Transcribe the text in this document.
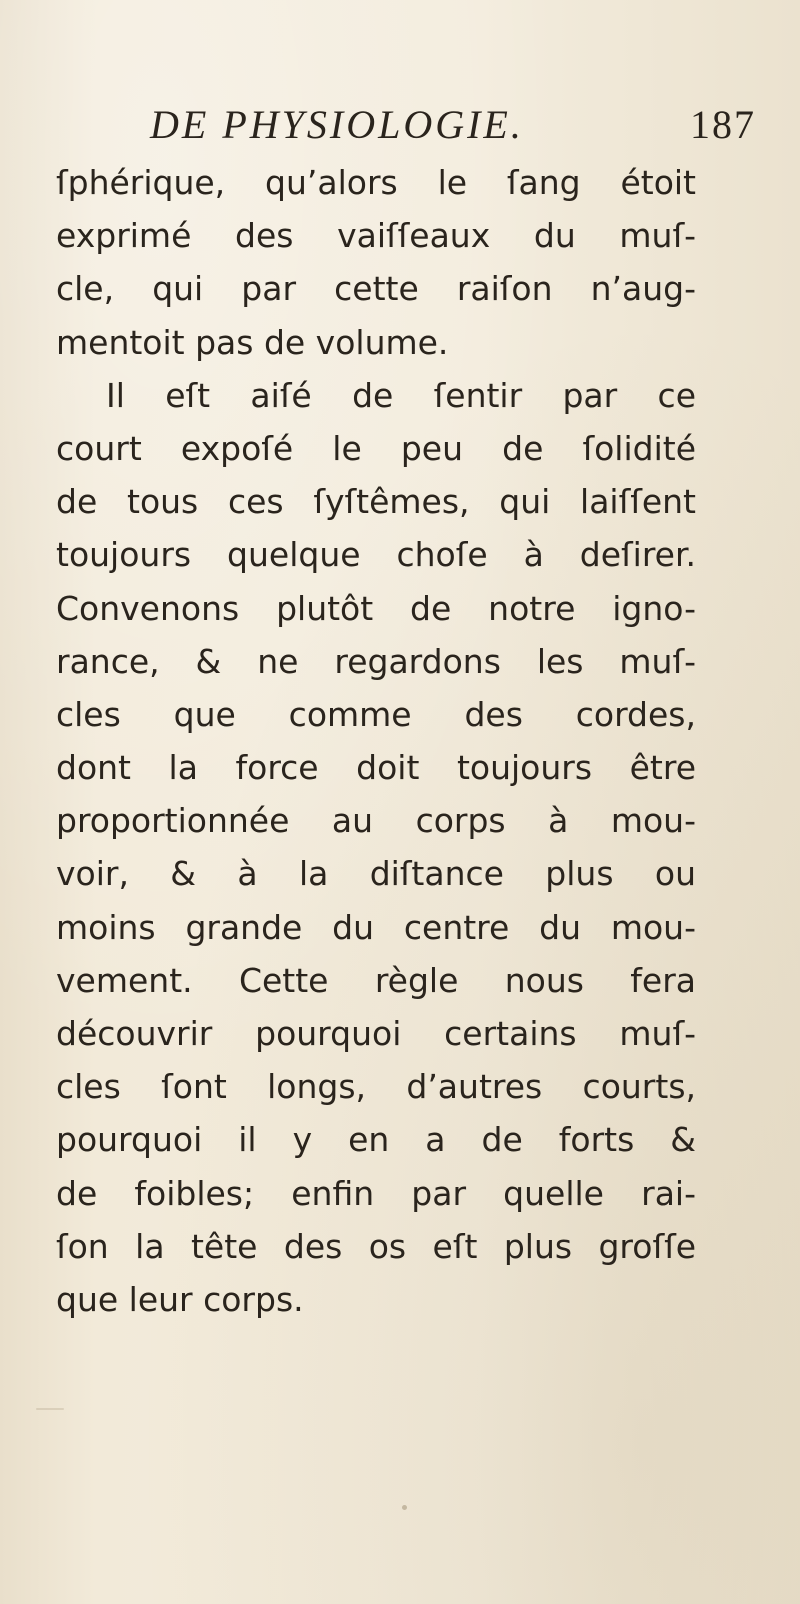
DE PHYSIOLOGIE.	187
ſphérique, qu’alors le ſang étoit
exprimé des vaiſſeaux du muſ-
cle, qui par cette raiſon n’aug-
mentoit pas de volume.
Il eſt aiſé de ſentir par ce
court expoſé le peu de ſolidité
de tous ces ſyſtêmes, qui laiſſent
toujours quelque choſe à deſirer.
Convenons plutôt de notre igno-
rance, & ne regardons les muſ-
cles que comme des cordes,
dont la force doit toujours être
proportionnée au corps à mou-
voir, & à la diſtance plus ou
moins grande du centre du mou-
vement. Cette règle nous fera
découvrir pourquoi certains muſ-
cles ſont longs, d’autres courts,
pourquoi il y en a de forts &
de foibles; enfin par quelle rai-
ſon la tête des os eſt plus groſſe
que leur corps.
